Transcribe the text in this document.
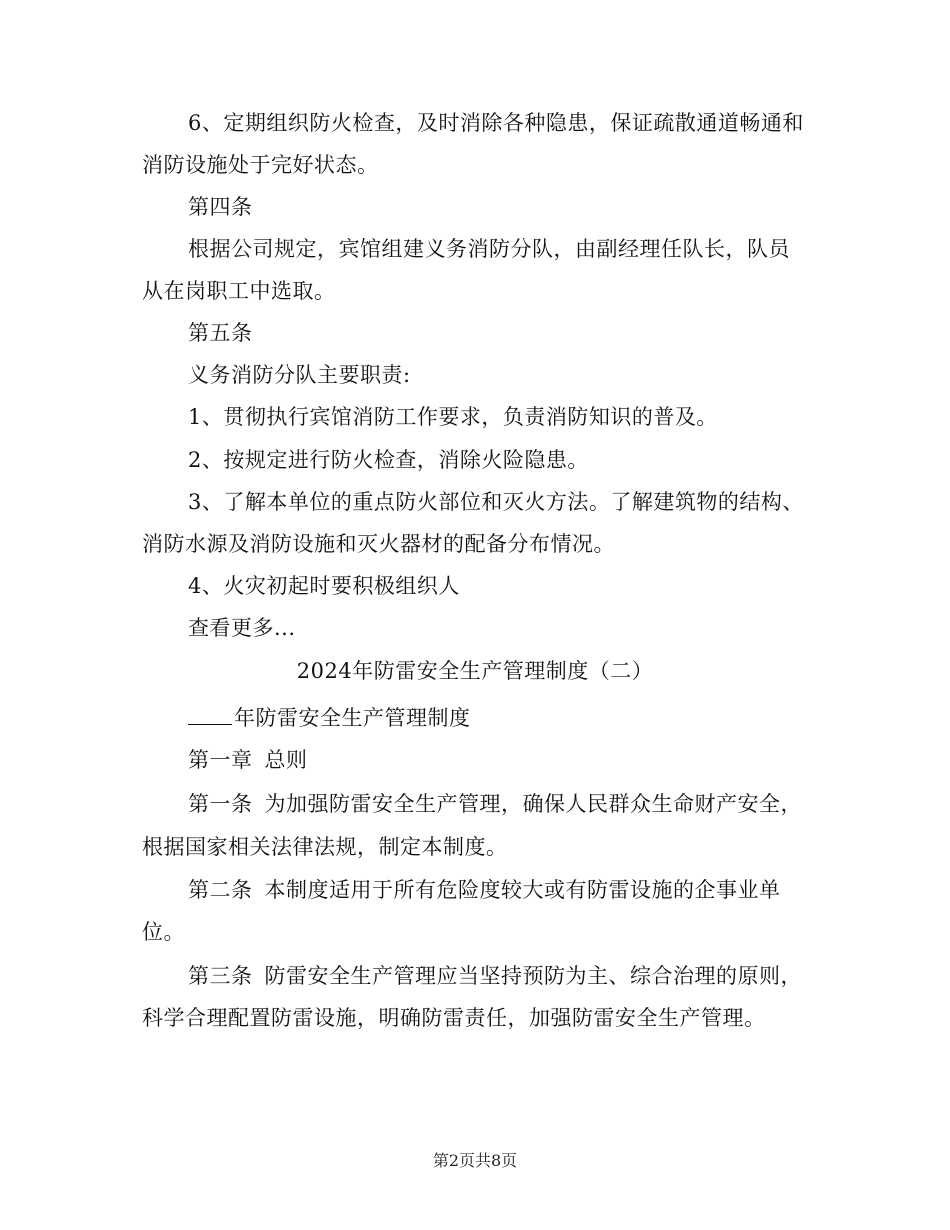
6、定期组织防火检查，及时消除各种隐患，保证疏散通道畅通和
消防设施处于完好状态。
第四条
根据公司规定，宾馆组建义务消防分队，由副经理任队长，队员
从在岗职工中选取。
第五条
义务消防分队主要职责:
1、贯彻执行宾馆消防工作要求，负责消防知识的普及。
2、按规定进行防火检查，消除火险隐患。
3、了解本单位的重点防火部位和灭火方法。了解建筑物的结构、
消防水源及消防设施和灭火器材的配备分布情况。
4、火灾初起时要积极组织人
查看更多...
2024年防雷安全生产管理制度（二）
年防雷安全生产管理制度
第一章 总则
第一条 为加强防雷安全生产管理，确保人民群众生命财产安全，
根据国家相关法律法规，制定本制度。
第二条 本制度适用于所有危险度较大或有防雷设施的企事业单
位。
第三条 防雷安全生产管理应当坚持预防为主、综合治理的原则，
科学合理配置防雷设施，明确防雷责任，加强防雷安全生产管理。
第2页共8页
